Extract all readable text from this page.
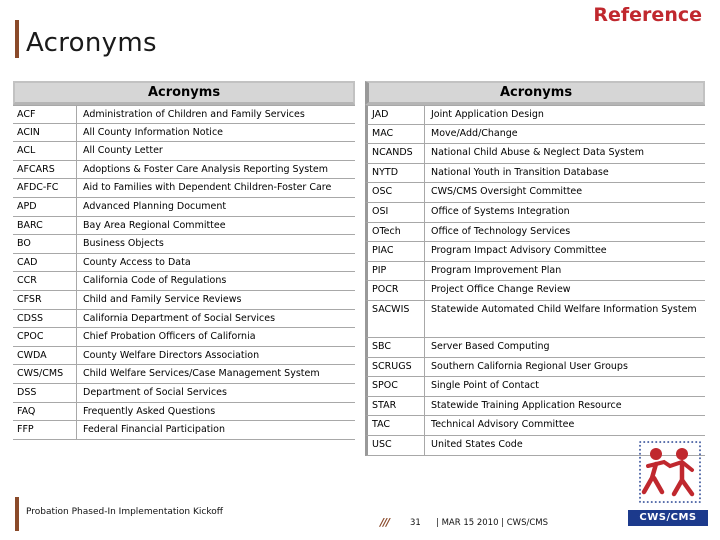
Acronyms
Reference
Acronyms	
ACF	Administration of Children and Family Services
ACIN	All County Information Notice
ACL	All County Letter
AFCARS	Adoptions & Foster Care Analysis Reporting System
AFDC-FC	Aid to Families with Dependent Children-Foster Care
APD	Advanced Planning Document
BARC	Bay Area Regional Committee
BO	Business Objects
CAD	County Access to Data
CCR	California Code of Regulations
CFSR	Child and Family Service Reviews
CDSS	California Department of Social Services
CPOC	Chief Probation Officers of California
CWDA	County Welfare Directors Association
CWS/CMS	Child Welfare Services/Case Management System
DSS	Department of Social Services
FAQ	Frequently Asked Questions
FFP	Federal Financial Participation
Acronyms	
JAD	Joint Application Design
MAC	Move/Add/Change
NCANDS	National Child Abuse & Neglect Data System
NYTD	National Youth in Transition Database
OSC	CWS/CMS Oversight Committee
OSI	Office of Systems Integration
OTech	Office of Technology Services
PIAC	Program Impact Advisory Committee
PIP	Program Improvement Plan
POCR	Project Office Change Review
SACWIS	Statewide Automated Child Welfare Information System
SBC	Server Based Computing
SCRUGS	Southern California Regional User Groups
SPOC	Single Point of Contact
STAR	Statewide Training Application Resource
TAC	Technical Advisory Committee
USC	United States Code
Probation Phased-In Implementation Kickoff
/// 31 | MAR 15 2010 | CWS/CMS	CWS/CMS
